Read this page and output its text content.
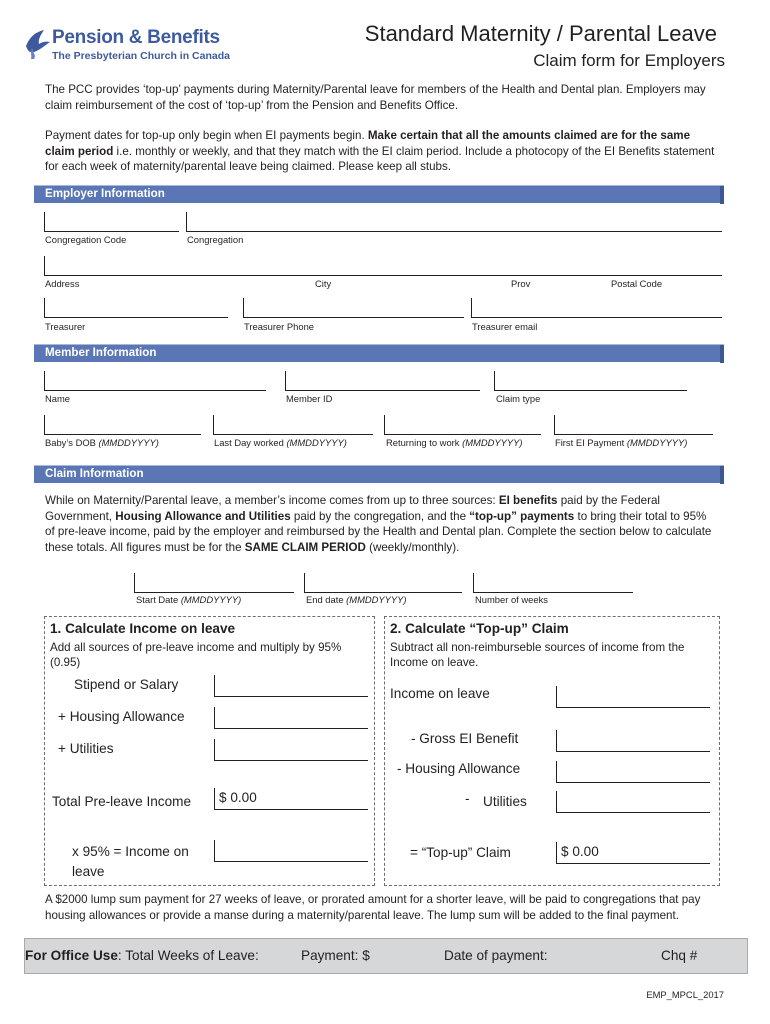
Pension & Benefits
The Presbyterian Church in Canada
Standard Maternity / Parental Leave
Claim form for Employers
The PCC provides ‘top-up’ payments during Maternity/Parental leave for members of the Health and Dental plan. Employers may claim reimbursement of the cost of ‘top-up’ from the Pension and Benefits Office.
Payment dates for top-up only begin when EI payments begin. Make certain that all the amounts claimed are for the same claim period i.e. monthly or weekly, and that they match with the EI claim period. Include a photocopy of the EI Benefits statement for each week of maternity/parental leave being claimed. Please keep all stubs.
Employer Information
Congregation Code	Congregation
Address	City	Prov	Postal Code
Treasurer	Treasurer Phone	Treasurer email
Member Information
Name	Member ID	Claim type
Baby’s DOB (MMDDYYYY)	Last Day worked (MMDDYYYY)	Returning to work (MMDDYYYY)	First EI Payment (MMDDYYYY)
Claim Information
While on Maternity/Parental leave, a member’s income comes from up to three sources: EI benefits paid by the Federal Government, Housing Allowance and Utilities paid by the congregation, and the “top-up” payments to bring their total to 95% of pre-leave income, paid by the employer and reimbursed by the Health and Dental plan. Complete the section below to calculate these totals. All figures must be for the SAME CLAIM PERIOD (weekly/monthly).
Start Date (MMDDYYYY)	End date (MMDDYYYY)	Number of weeks
1. Calculate Income on leave
Add all sources of pre-leave income and multiply by 95% (0.95)
Stipend or Salary
+ Housing Allowance
+ Utilities
Total Pre-leave Income $ 0.00
x 95% = Income on
leave
2. Calculate “Top-up” Claim
Subtract all non-reimburseble sources of income from the Income on leave.
Income on leave
- Gross EI Benefit
- Housing Allowance
- Utilities
= “Top-up” Claim	$ 0.00
A $2000 lump sum payment for 27 weeks of leave, or prorated amount for a shorter leave, will be paid to congregations that pay housing allowances or provide a manse during a maternity/parental leave. The lump sum will be added to the final payment.
For Office Use: Total Weeks of Leave:	Payment: $	Date of payment:	Chq #
EMP_MPCL_2017
